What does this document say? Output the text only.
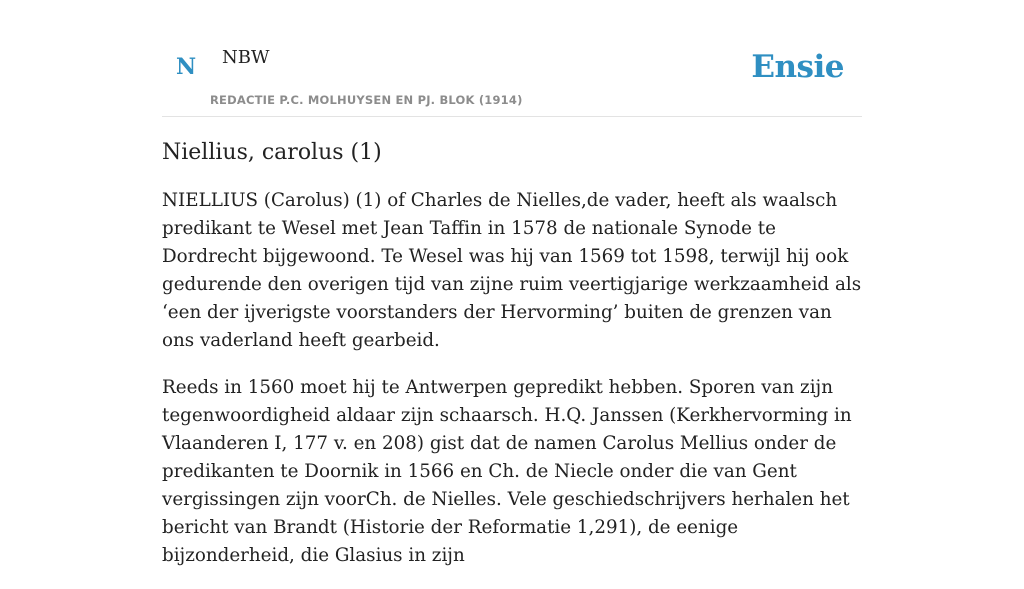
N NBW
REDACTIE P.C. MOLHUYSEN EN PJ. BLOK (1914)
Ensie
Niellius, carolus (1)

NIELLIUS (Carolus) (1) of Charles de Nielles,de vader, heeft als waalsch predikant te Wesel met Jean Taffin in 1578 de nationale Synode te Dordrecht bijgewoond. Te Wesel was hij van 1569 tot 1598, terwijl hij ook gedurende den overigen tijd van zijne ruim veertigjarige werkzaamheid als ‘een der ijverigste voorstanders der Hervorming’ buiten de grenzen van ons vaderland heeft gearbeid.

Reeds in 1560 moet hij te Antwerpen gepredikt hebben. Sporen van zijn tegenwoordigheid aldaar zijn schaarsch. H.Q. Janssen (Kerkhervorming in Vlaanderen I, 177 v. en 208) gist dat de namen Carolus Mellius onder de predikanten te Doornik in 1566 en Ch. de Niecle onder die van Gent vergissingen zijn voorCh. de Nielles. Vele geschiedschrijvers herhalen het bericht van Brandt (Historie der Reformatie 1,291), de eenige bijzonderheid, die Glasius in zijn
